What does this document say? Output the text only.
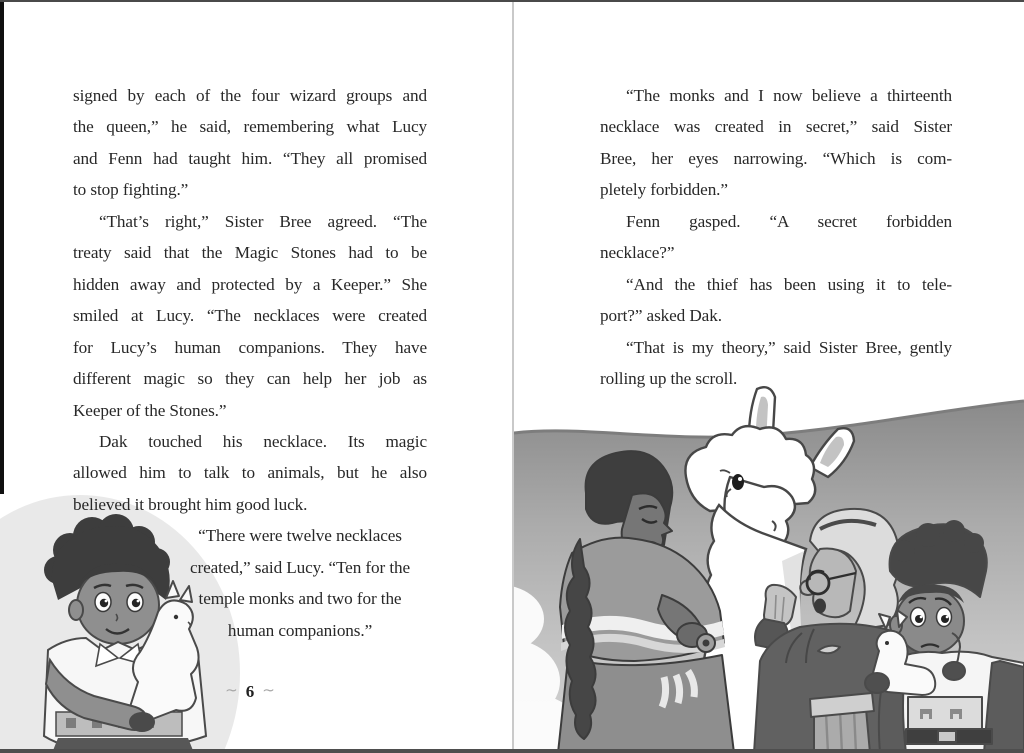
signed by each of the four wizard groups and
the queen,” he said, remembering what Lucy
and Fenn had taught him. “They all promised
to stop fighting.”
“That’s right,” Sister Bree agreed. “The
treaty said that the Magic Stones had to be
hidden away and protected by a Keeper.” She
smiled at Lucy. “The necklaces were created
for Lucy’s human companions. They have
different magic so they can help her job as
Keeper of the Stones.”
Dak touched his necklace. Its magic
allowed him to talk to animals, but he also
believed it brought him good luck.
“There were twelve necklaces
created,” said Lucy. “Ten for the
temple monks and two for the
human companions.”
∼ 6 ∼
“The monks and I now believe a thirteenth
necklace was created in secret,” said Sister
Bree, her eyes narrowing. “Which is com-
pletely forbidden.”
Fenn gasped. “A secret forbidden
necklace?”
“And the thief has been using it to tele-
port?” asked Dak.
“That is my theory,” said Sister Bree, gently
rolling up the scroll.
